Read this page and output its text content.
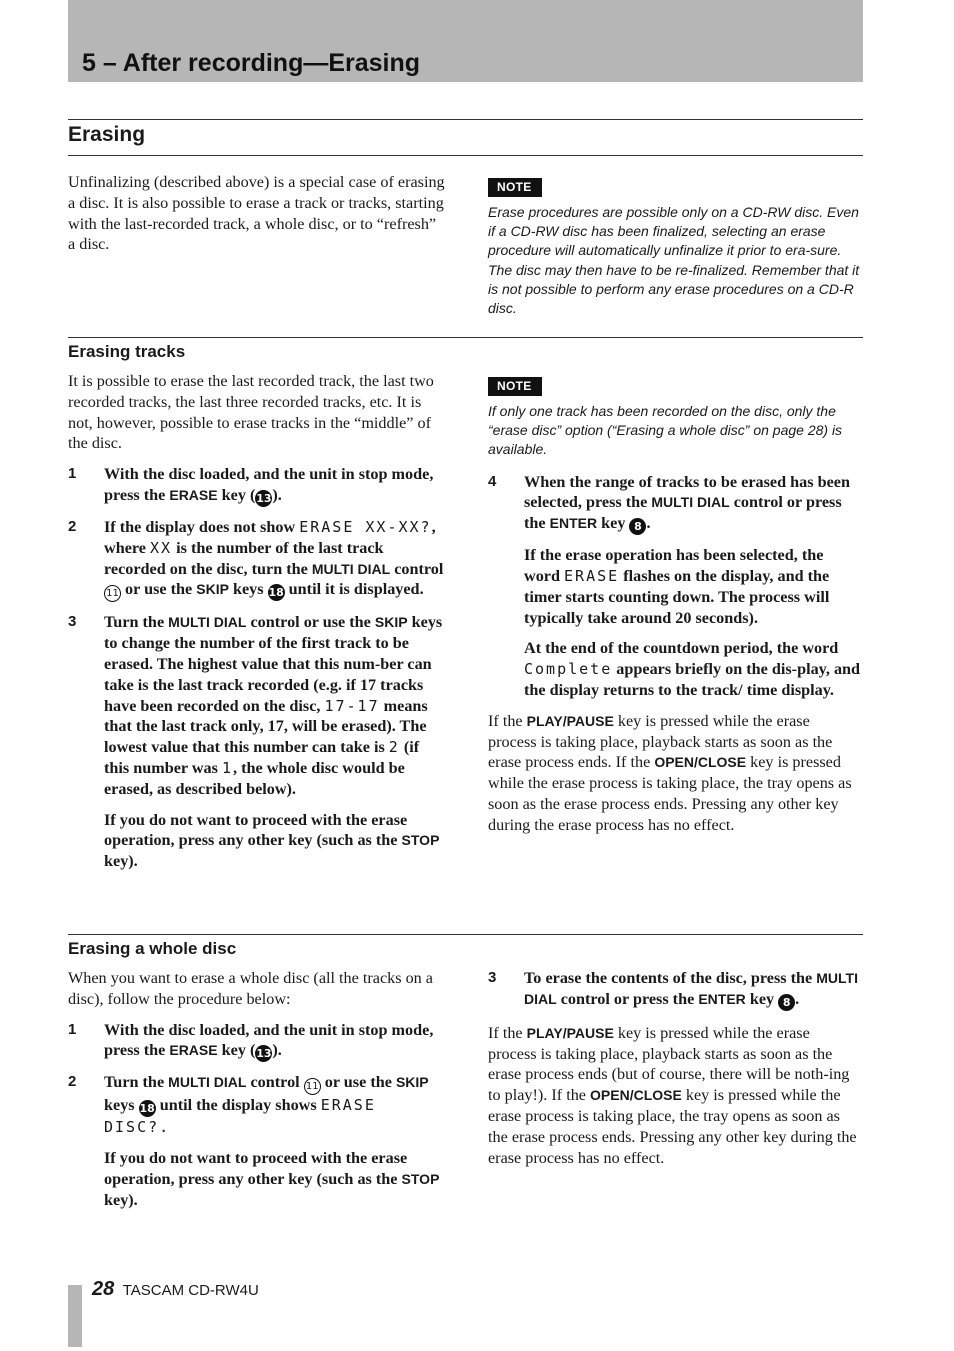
5 – After recording—Erasing
Erasing

Unfinalizing (described above) is a special case of erasing a disc. It is also possible to erase a track or tracks, starting with the last-recorded track, a whole disc, or to “refresh” a disc.

NOTE
Erase procedures are possible only on a CD-RW disc. Even if a CD-RW disc has been finalized, selecting an erase procedure will automatically unfinalize it prior to era-sure. The disc may then have to be re-finalized. Remember that it is not possible to perform any erase procedures on a CD-R disc.
Erasing tracks

It is possible to erase the last recorded track, the last two recorded tracks, the last three recorded tracks, etc. It is not, however, possible to erase tracks in the “middle” of the disc.

1	With the disc loaded, and the unit in stop mode, press the ERASE key (13).

2	If the display does not show ERASE XX-XX?, where XX is the number of the last track recorded on the disc, turn the MULTI DIAL control 11 or use the SKIP keys 18 until it is displayed.

3	Turn the MULTI DIAL control or use the SKIP keys to change the number of the first track to be erased. The highest value that this num-ber can take is the last track recorded (e.g. if 17 tracks have been recorded on the disc, 17-17 means that the last track only, 17, will be erased). The lowest value that this number can take is 2 (if this number was 1, the whole disc would be erased, as described below).

If you do not want to proceed with the erase operation, press any other key (such as the STOP key).

NOTE
If only one track has been recorded on the disc, only the “erase disc” option (“Erasing a whole disc” on page 28) is available.
4	When the range of tracks to be erased has been selected, press the MULTI DIAL control or press the ENTER key 8 .

If the erase operation has been selected, the word ERASE flashes on the display, and the timer starts counting down. The process will typically take around 20 seconds).

At the end of the countdown period, the word Complete appears briefly on the dis-play, and the display returns to the track/ time display.

If the PLAY/PAUSE key is pressed while the erase process is taking place, playback starts as soon as the erase process ends. If the OPEN/CLOSE key is pressed while the erase process is taking place, the tray opens as soon as the erase process ends. Pressing any other key during the erase process has no effect.

Erasing a whole disc

When you want to erase a whole disc (all the tracks on a disc), follow the procedure below:

1	With the disc loaded, and the unit in stop mode, press the ERASE key (13).

2	Turn the MULTI DIAL control 11 or use the SKIP keys 18 until the display shows ERASE DISC?.

If you do not want to proceed with the erase operation, press any other key (such as the STOP key).

3	To erase the contents of the disc, press the MULTI DIAL control or press the ENTER key 8 .

If the PLAY/PAUSE key is pressed while the erase process is taking place, playback starts as soon as the erase process ends (but of course, there will be noth-ing to play!). If the OPEN/CLOSE key is pressed while the erase process is taking place, the tray opens as soon as the erase process ends. Pressing any other key during the erase process has no effect.

28 TASCAM CD-RW4U
